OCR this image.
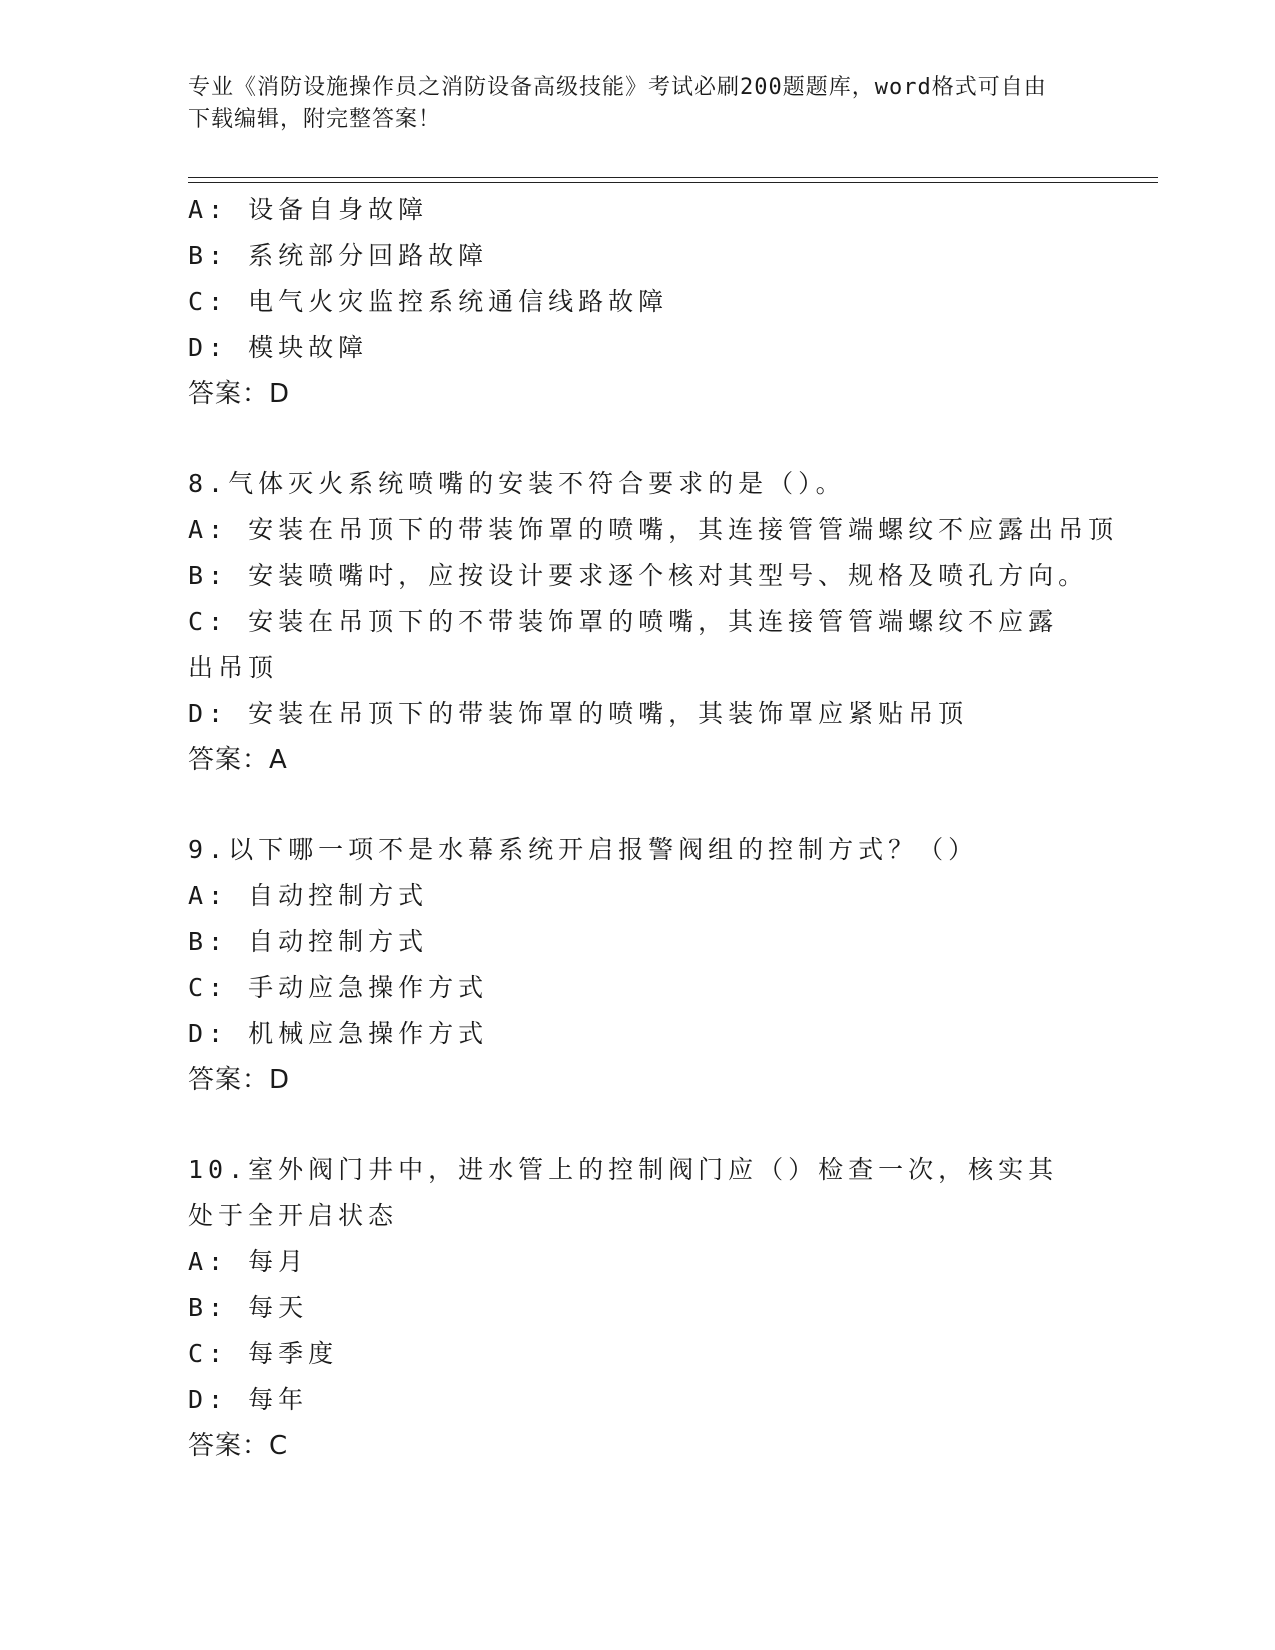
专业《消防设施操作员之消防设备高级技能》考试必刷200题题库，word格式可自由下载编辑，附完整答案！
A: 设备自身故障
B: 系统部分回路故障
C: 电气火灾监控系统通信线路故障
D: 模块故障
答案：D
8.气体灭火系统喷嘴的安装不符合要求的是（）。
A: 安装在吊顶下的带装饰罩的喷嘴，其连接管管端螺纹不应露出吊顶
B: 安装喷嘴吋，应按设计要求逐个核对其型号、规格及喷孔方向。
C: 安装在吊顶下的不带装饰罩的喷嘴，其连接管管端螺纹不应露出吊顶
D: 安装在吊顶下的带装饰罩的喷嘴，其装饰罩应紧贴吊顶
答案：A
9.以下哪一项不是水幕系统开启报警阀组的控制方式？（）
A: 自动控制方式
B: 自动控制方式
C: 手动应急操作方式
D: 机械应急操作方式
答案：D
10.室外阀门井中，进水管上的控制阀门应（）检查一次，核实其处于全开启状态
A: 每月
B: 每天
C: 每季度
D: 每年
答案：C
